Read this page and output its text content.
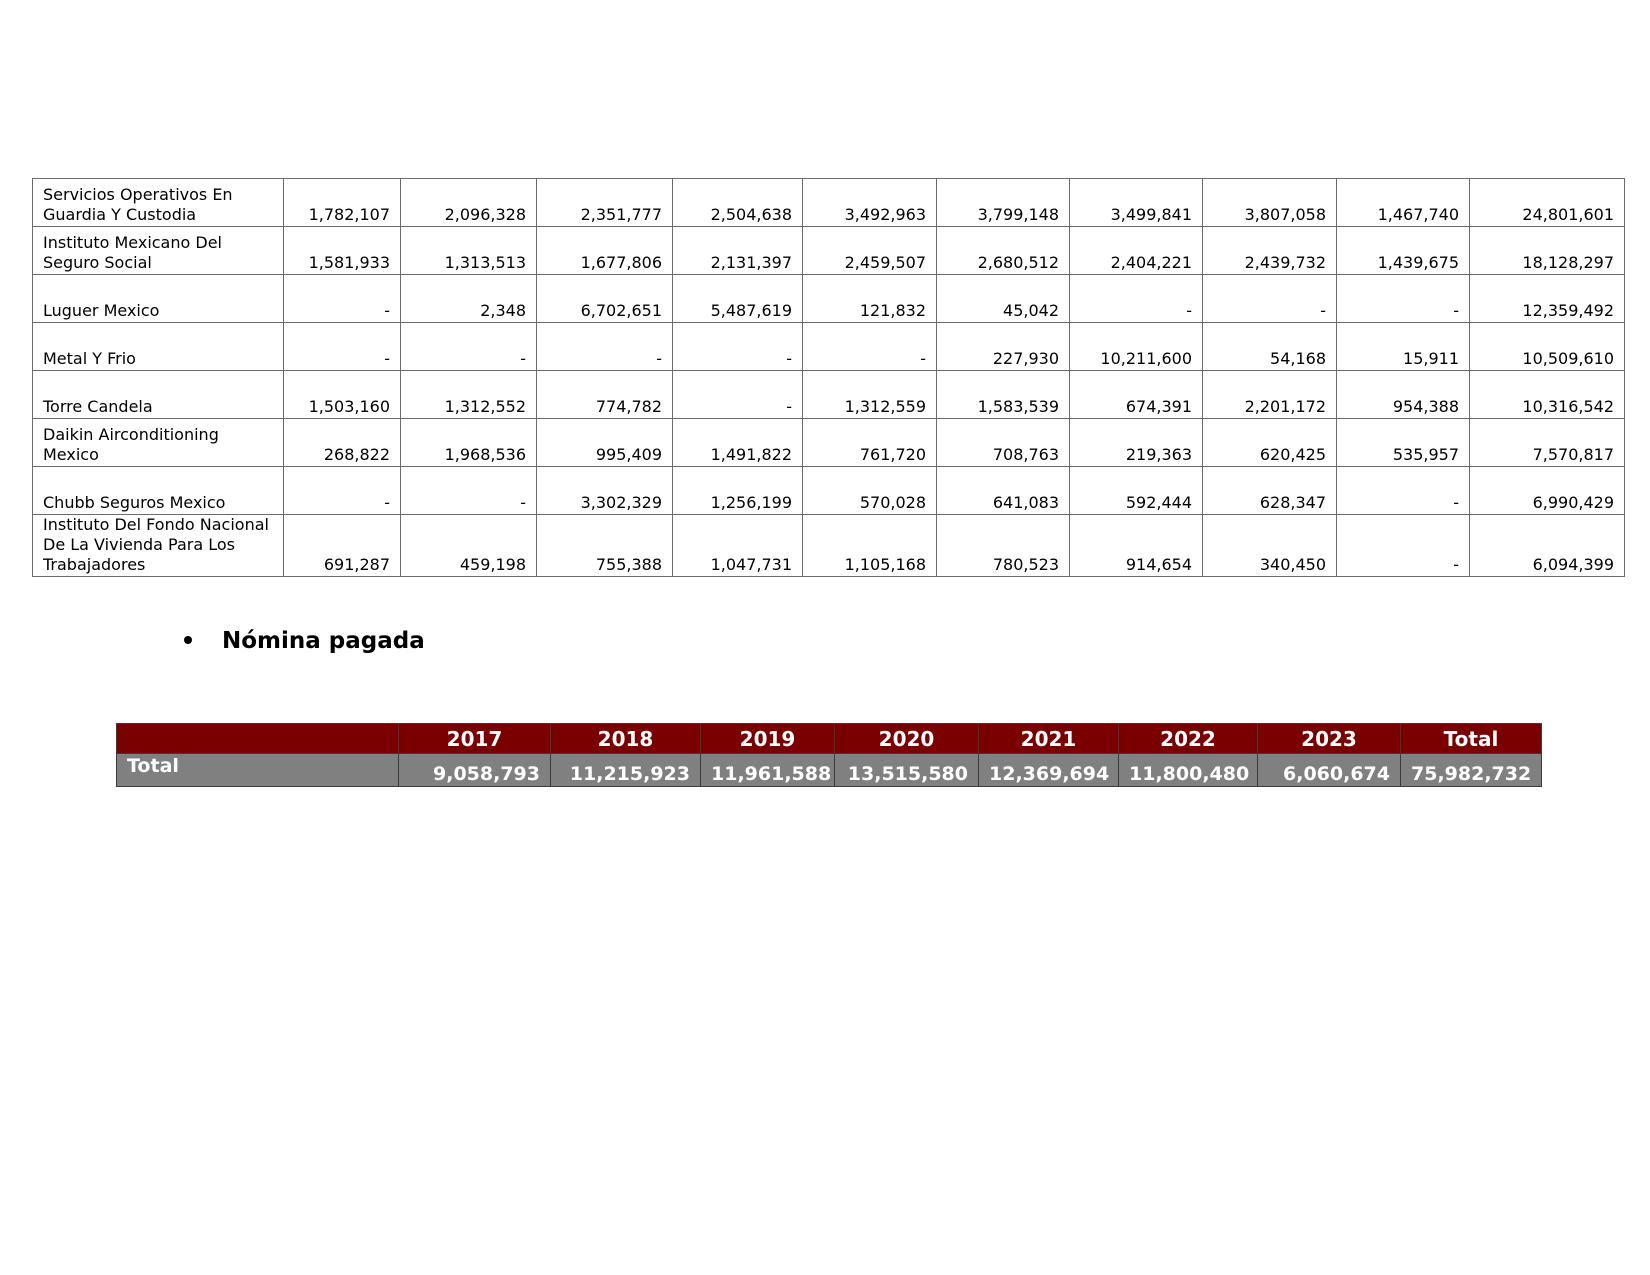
Servicios Operativos En Guardia Y Custodia	1,782,107	2,096,328	2,351,777	2,504,638	3,492,963	3,799,148	3,499,841	3,807,058	1,467,740	24,801,601
Instituto Mexicano Del Seguro Social	1,581,933	1,313,513	1,677,806	2,131,397	2,459,507	2,680,512	2,404,221	2,439,732	1,439,675	18,128,297
Luguer Mexico	-	2,348	6,702,651	5,487,619	121,832	45,042	-	-	-	12,359,492
Metal Y Frio	-	-	-	-	-	227,930	10,211,600	54,168	15,911	10,509,610
Torre Candela	1,503,160	1,312,552	774,782	-	1,312,559	1,583,539	674,391	2,201,172	954,388	10,316,542
Daikin Airconditioning Mexico	268,822	1,968,536	995,409	1,491,822	761,720	708,763	219,363	620,425	535,957	7,570,817
Chubb Seguros Mexico	-	-	3,302,329	1,256,199	570,028	641,083	592,444	628,347	-	6,990,429
Instituto Del Fondo Nacional De La Vivienda Para Los Trabajadores	691,287	459,198	755,388	1,047,731	1,105,168	780,523	914,654	340,450	-	6,094,399
Nómina pagada
	2017	2018	2019	2020	2021	2022	2023	Total
Total	9,058,793	11,215,923	11,961,588	13,515,580	12,369,694	11,800,480	6,060,674	75,982,732
